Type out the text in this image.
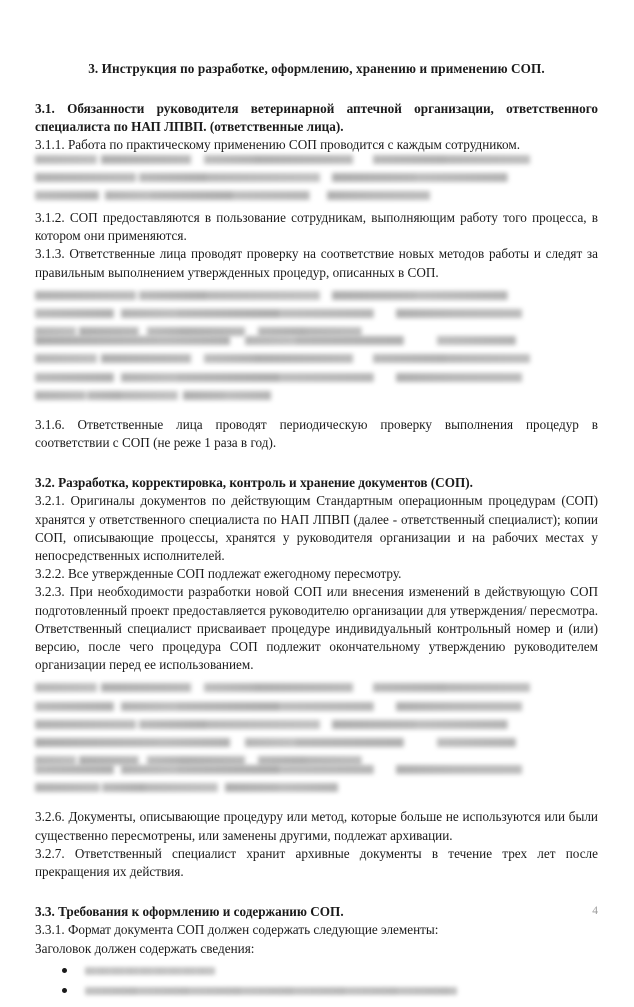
3. Инструкция по разработке, оформлению, хранению и применению СОП.
3.1. Обязанности руководителя ветеринарной аптечной организации, ответственного специалиста по НАП ЛПВП. (ответственные лица).
3.1.1. Работа по практическому применению СОП проводится с каждым сотрудником.
3.1.2. СОП предоставляются в пользование сотрудникам, выполняющим работу того процесса, в котором они применяются.
3.1.3. Ответственные лица проводят проверку на соответствие новых методов работы и следят за правильным выполнением утвержденных процедур, описанных в СОП.
3.1.6. Ответственные лица проводят периодическую проверку выполнения процедур в соответствии с СОП (не реже 1 раза в год).
3.2. Разработка, корректировка, контроль и хранение документов (СОП).
3.2.1. Оригиналы документов по действующим Стандартным операционным процедурам (СОП) хранятся у ответственного специалиста по НАП ЛПВП (далее - ответственный специалист); копии СОП, описывающие процессы, хранятся у руководителя организации и на рабочих местах у непосредственных исполнителей.
3.2.2. Все утвержденные СОП подлежат ежегодному пересмотру.
3.2.3. При необходимости разработки новой СОП или внесения изменений в действующую СОП подготовленный проект предоставляется руководителю организации для утверждения/ пересмотра. Ответственный специалист присваивает процедуре индивидуальный контрольный номер и (или) версию, после чего процедура СОП подлежит окончательному утверждению руководителем организации перед ее использованием.
3.2.6. Документы, описывающие процедуру или метод, которые больше не используются или были существенно пересмотрены, или заменены другими, подлежат архивации.
3.2.7. Ответственный специалист хранит архивные документы в течение трех лет после прекращения их действия.
3.3. Требования к оформлению и содержанию СОП.
3.3.1. Формат документа СОП должен содержать следующие элементы:
Заголовок должен содержать сведения:
4
